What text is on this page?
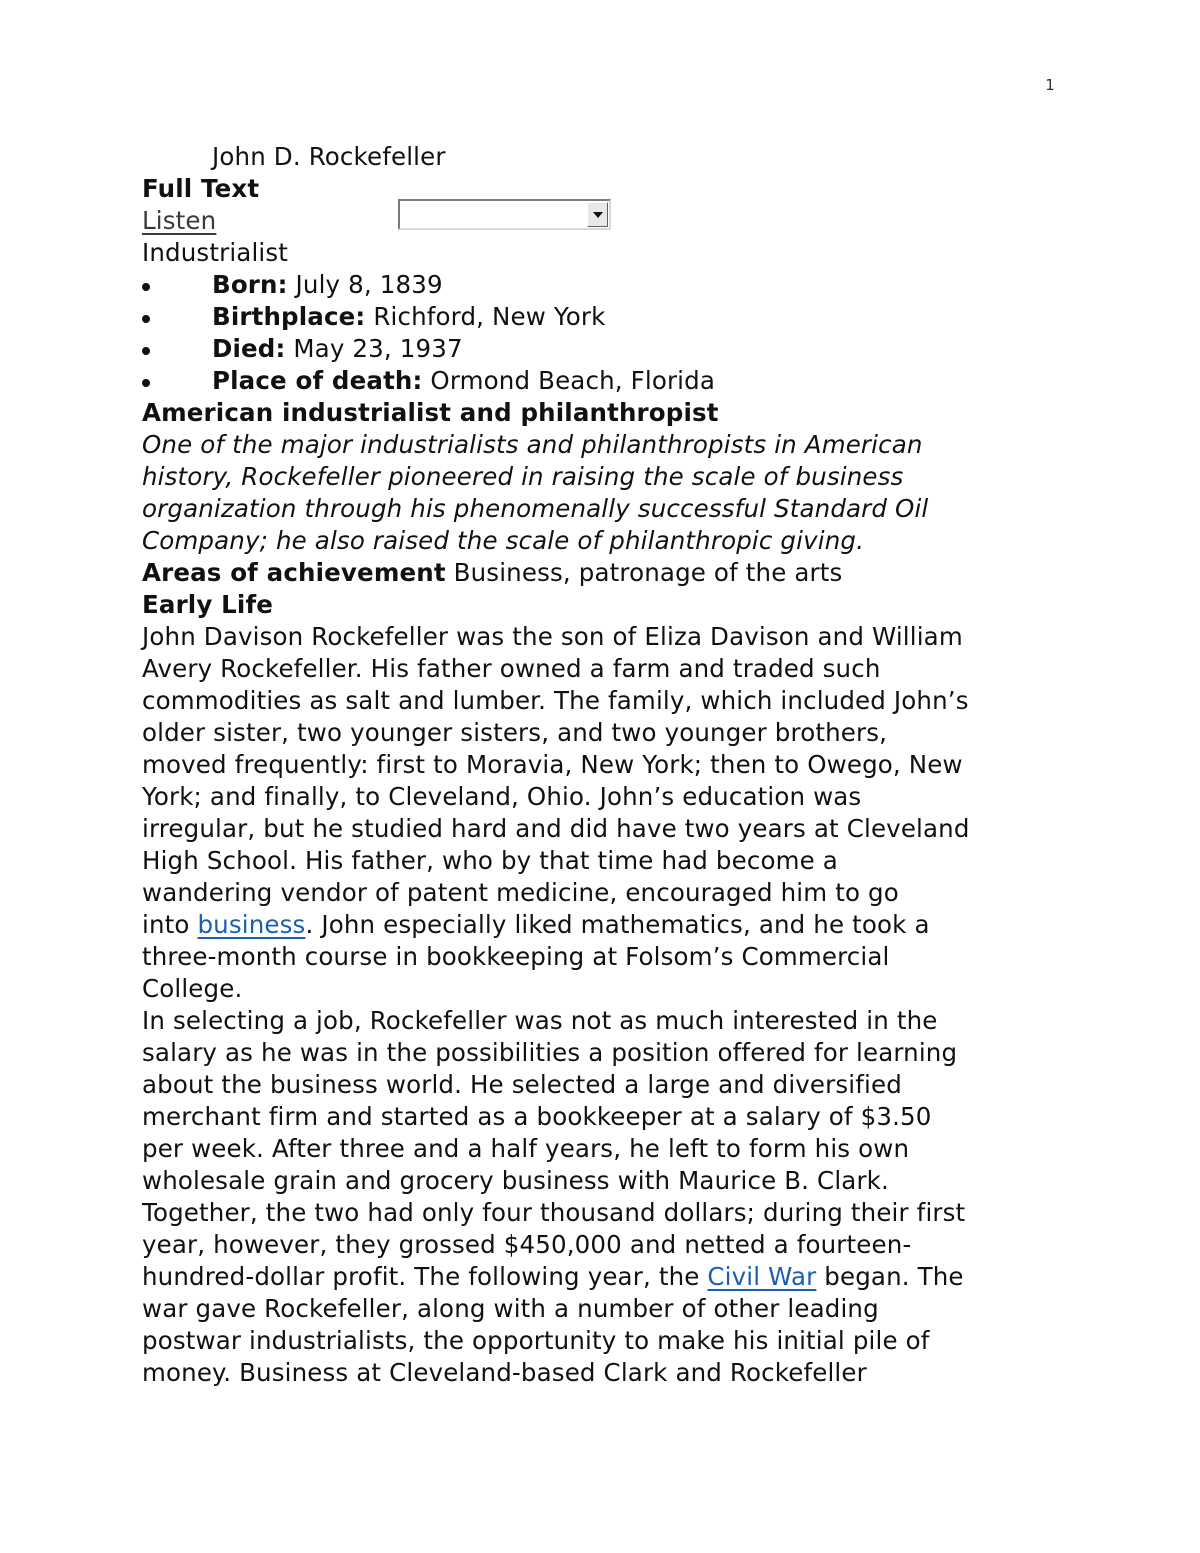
1
John D. Rockefeller
Full Text
Listen
Industrialist
Born: July 8, 1839
Birthplace: Richford, New York
Died: May 23, 1937
Place of death: Ormond Beach, Florida
American industrialist and philanthropist
One of the major industrialists and philanthropists in American
history, Rockefeller pioneered in raising the scale of business
organization through his phenomenally successful Standard Oil
Company; he also raised the scale of philanthropic giving.
Areas of achievement Business, patronage of the arts
Early Life
John Davison Rockefeller was the son of Eliza Davison and William
Avery Rockefeller. His father owned a farm and traded such
commodities as salt and lumber. The family, which included John’s
older sister, two younger sisters, and two younger brothers,
moved frequently: first to Moravia, New York; then to Owego, New
York; and finally, to Cleveland, Ohio. John’s education was
irregular, but he studied hard and did have two years at Cleveland
High School. His father, who by that time had become a
wandering vendor of patent medicine, encouraged him to go
into business. John especially liked mathematics, and he took a
three-month course in bookkeeping at Folsom’s Commercial
College.
In selecting a job, Rockefeller was not as much interested in the
salary as he was in the possibilities a position offered for learning
about the business world. He selected a large and diversified
merchant firm and started as a bookkeeper at a salary of $3.50
per week. After three and a half years, he left to form his own
wholesale grain and grocery business with Maurice B. Clark.
Together, the two had only four thousand dollars; during their first
year, however, they grossed $450,000 and netted a fourteen-
hundred-dollar profit. The following year, the Civil War began. The
war gave Rockefeller, along with a number of other leading
postwar industrialists, the opportunity to make his initial pile of
money. Business at Cleveland-based Clark and Rockefeller
